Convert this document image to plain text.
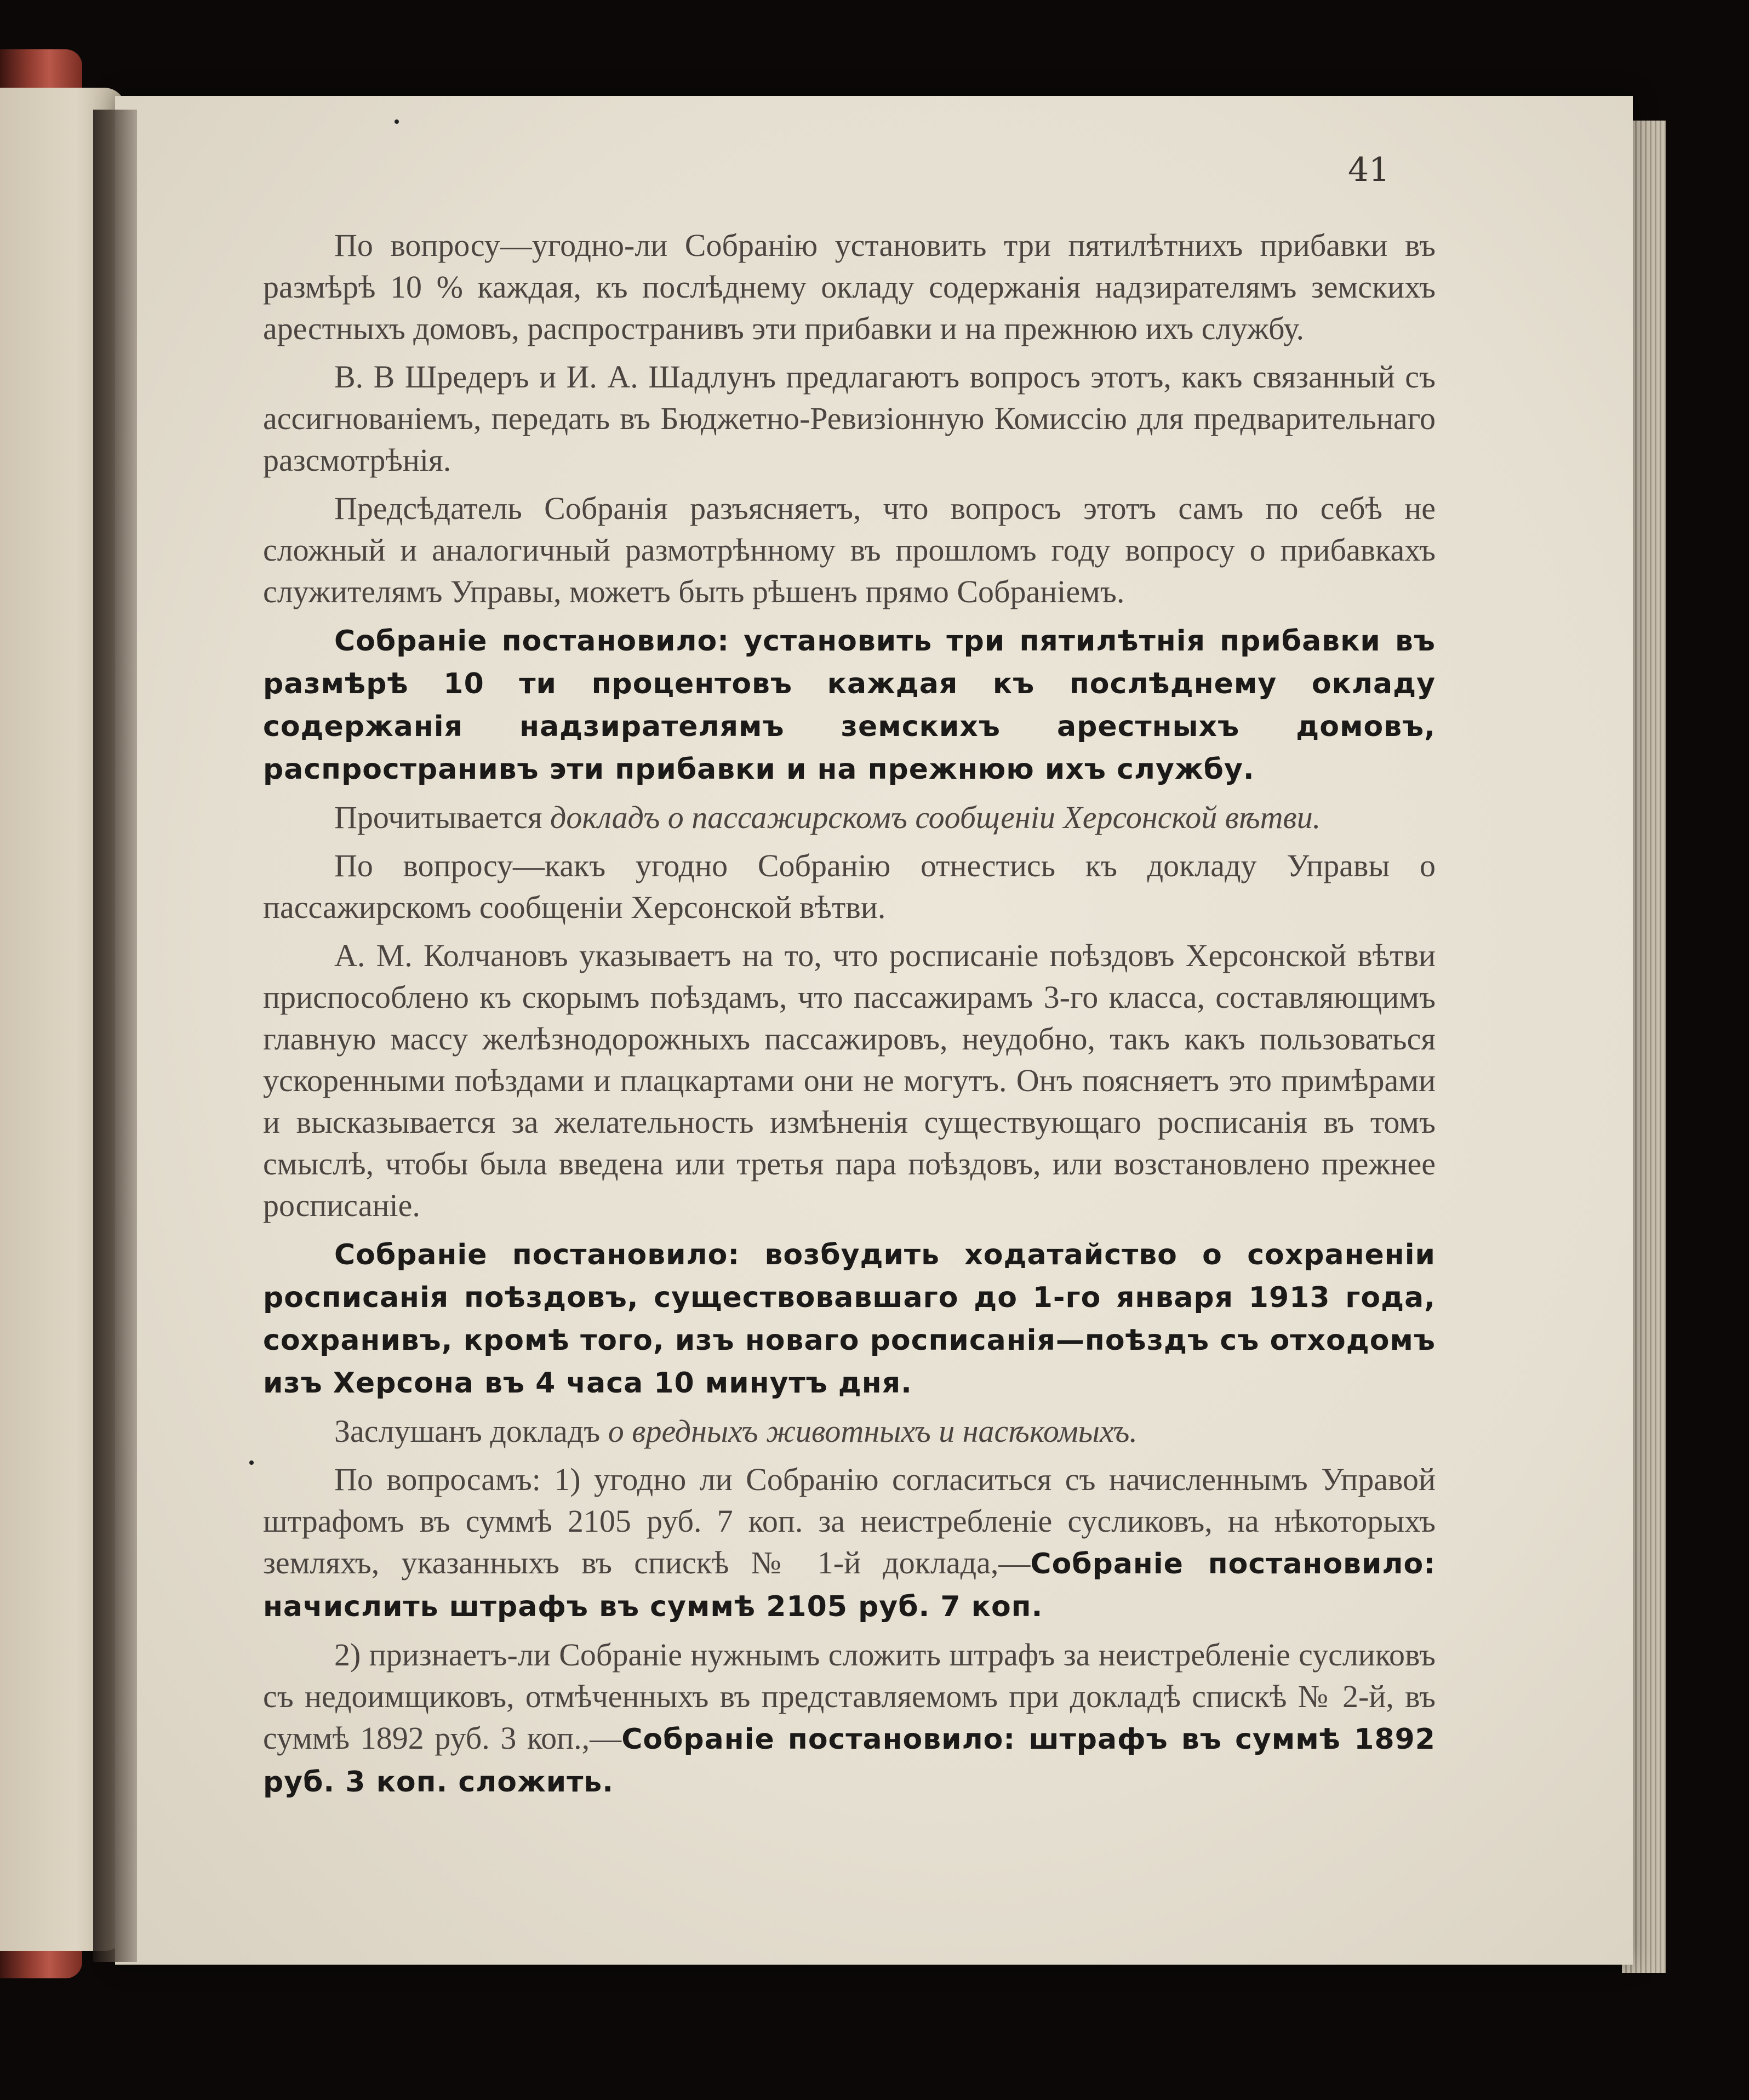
41

По вопросу—угодно-ли Собранію установить три пятилѣтнихъ прибавки въ размѣрѣ 10 % каждая, къ послѣднему окладу содержанія надзирателямъ земскихъ арестныхъ домовъ, распространивъ эти прибавки и на прежнюю ихъ службу.

В. В Шредеръ и И. А. Шадлунъ предлагаютъ вопросъ этотъ, какъ связанный съ ассигнованіемъ, передать въ Бюджетно-Ревизіонную Комиссію для предварительнаго разсмотрѣнія.

Предсѣдатель Собранія разъясняетъ, что вопросъ этотъ самъ по себѣ не сложный и аналогичный размотрѣнному въ прошломъ году вопросу о прибавкахъ служителямъ Управы, можетъ быть рѣшенъ прямо Собраніемъ.

Собраніе постановило: установить три пятилѣтнія прибавки въ размѣрѣ 10 ти процентовъ каждая къ послѣднему окладу содержанія надзирателямъ земскихъ арестныхъ домовъ, распространивъ эти прибавки и на прежнюю ихъ службу.

Прочитывается докладъ о пассажирскомъ сообщеніи Херсонской вѣтви.

По вопросу—какъ угодно Собранію отнестись къ докладу Управы о пассажирскомъ сообщеніи Херсонской вѣтви.

А. М. Колчановъ указываетъ на то, что росписаніе поѣздовъ Херсонской вѣтви приспособлено къ скорымъ поѣздамъ, что пассажирамъ 3-го класса, составляющимъ главную массу желѣзнодорожныхъ пассажировъ, неудобно, такъ какъ пользоваться ускоренными поѣздами и плацкартами они не могутъ. Онъ поясняетъ это примѣрами и высказывается за желательность измѣненія существующаго росписанія въ томъ смыслѣ, чтобы была введена или третья пара поѣздовъ, или возстановлено прежнее росписаніе.

Собраніе постановило: возбудить ходатайство о сохраненіи росписанія поѣздовъ, существовавшаго до 1-го января 1913 года, сохранивъ, кромѣ того, изъ новаго росписанія—поѣздъ съ отходомъ изъ Херсона въ 4 часа 10 минутъ дня.

Заслушанъ докладъ о вредныхъ животныхъ и насѣкомыхъ.

По вопросамъ: 1) угодно ли Собранію согласиться съ начисленнымъ Управой штрафомъ въ суммѣ 2105 руб. 7 коп. за неистребленіе сусликовъ, на нѣкоторыхъ земляхъ, указанныхъ въ спискѣ № 1-й доклада,—Собраніе постановило: начислить штрафъ въ суммѣ 2105 руб. 7 коп.

2) признаетъ-ли Собраніе нужнымъ сложить штрафъ за неистребленіе сусликовъ съ недоимщиковъ, отмѣченныхъ въ представляемомъ при докладѣ спискѣ № 2-й, въ суммѣ 1892 руб. 3 коп.,—Собраніе постановило: штрафъ въ суммѣ 1892 руб. 3 коп. сложить.
